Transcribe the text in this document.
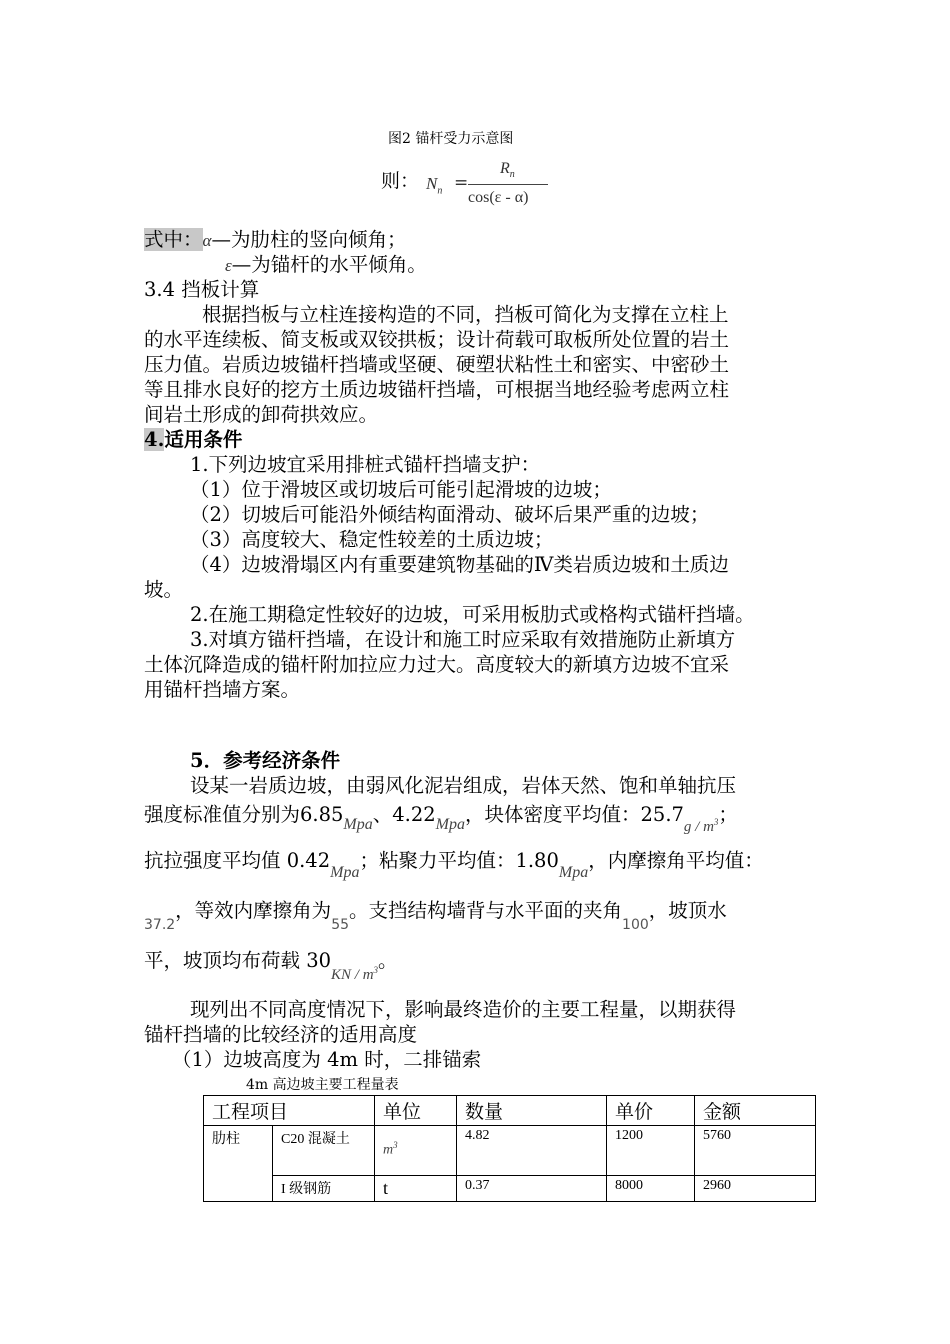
图2 锚杆受力示意图
则： $N_n$ =
$R_n$
cos(ε - α)
式中：α—为肋柱的竖向倾角；
ε—为锚杆的水平倾角。
3.4 挡板计算
根据挡板与立柱连接构造的不同，挡板可简化为支撑在立柱上
的水平连续板、简支板或双铰拱板；设计荷载可取板所处位置的岩土
压力值。岩质边坡锚杆挡墙或坚硬、硬塑状粘性土和密实、中密砂土
等且排水良好的挖方土质边坡锚杆挡墙，可根据当地经验考虑两立柱
间岩土形成的卸荷拱效应。
4.适用条件
1.下列边坡宜采用排桩式锚杆挡墙支护：
（1）位于滑坡区或切坡后可能引起滑坡的边坡；
（2）切坡后可能沿外倾结构面滑动、破坏后果严重的边坡；
（3）高度较大、稳定性较差的土质边坡；
（4）边坡滑塌区内有重要建筑物基础的Ⅳ类岩质边坡和土质边
坡。
2.在施工期稳定性较好的边坡，可采用板肋式或格构式锚杆挡墙。
3.对填方锚杆挡墙，在设计和施工时应采取有效措施防止新填方
土体沉降造成的锚杆附加拉应力过大。高度较大的新填方边坡不宜采
用锚杆挡墙方案。
5．参考经济条件
设某一岩质边坡，由弱风化泥岩组成，岩体天然、饱和单轴抗压
强度标准值分别为$6.85_{Mpa}$、$4.22_{Mpa}$，块体密度平均值：$25.7_{g / m^3}$；
抗拉强度平均值 $0.42_{Mpa}$；粘聚力平均值：$1.80_{Mpa}$，内摩擦角平均值：
$_{37.2}$，等效内摩擦角为$_{55}$。支挡结构墙背与水平面的夹角$_{100}$，坡顶水
平，坡顶均布荷载 $30_{KN / m^3}$。
现列出不同高度情况下，影响最终造价的主要工程量，以期获得
锚杆挡墙的比较经济的适用高度
（1）边坡高度为 4m 时，二排锚索
4m 高边坡主要工程量表
工程项目		单位	数量	单价	金额
肋柱	C20 混凝土	$m^3$	4.82	1200	5760
	I 级钢筋	t	0.37	8000	2960
